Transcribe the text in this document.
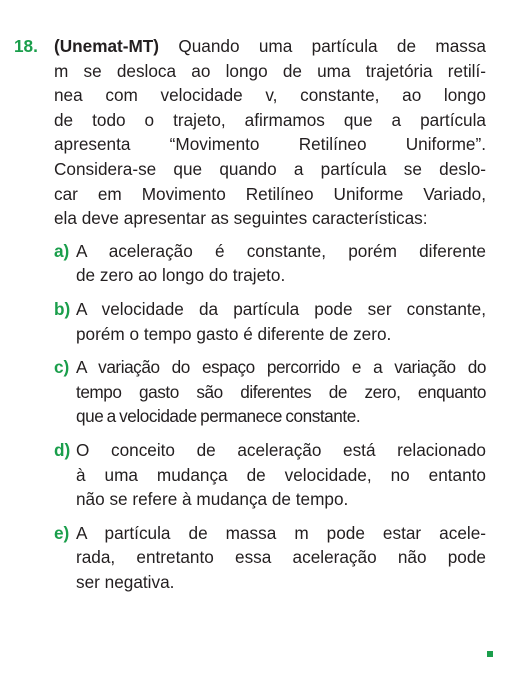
18. (Unemat-MT) Quando uma partícula de massa
m se desloca ao longo de uma trajetória retilí-
nea com velocidade v, constante, ao longo
de todo o trajeto, afirmamos que a partícula
apresenta “Movimento Retilíneo Uniforme”.
Considera-se que quando a partícula se deslo-
car em Movimento Retilíneo Uniforme Variado,
ela deve apresentar as seguintes características:
a) A aceleração é constante, porém diferente
de zero ao longo do trajeto.
b) A velocidade da partícula pode ser constante,
porém o tempo gasto é diferente de zero.
c) A variação do espaço percorrido e a variação do
tempo gasto são diferentes de zero, enquanto
que a velocidade permanece constante.
d) O conceito de aceleração está relacionado
à uma mudança de velocidade, no entanto
não se refere à mudança de tempo.
e) A partícula de massa m pode estar acele-
rada, entretanto essa aceleração não pode
ser negativa.
